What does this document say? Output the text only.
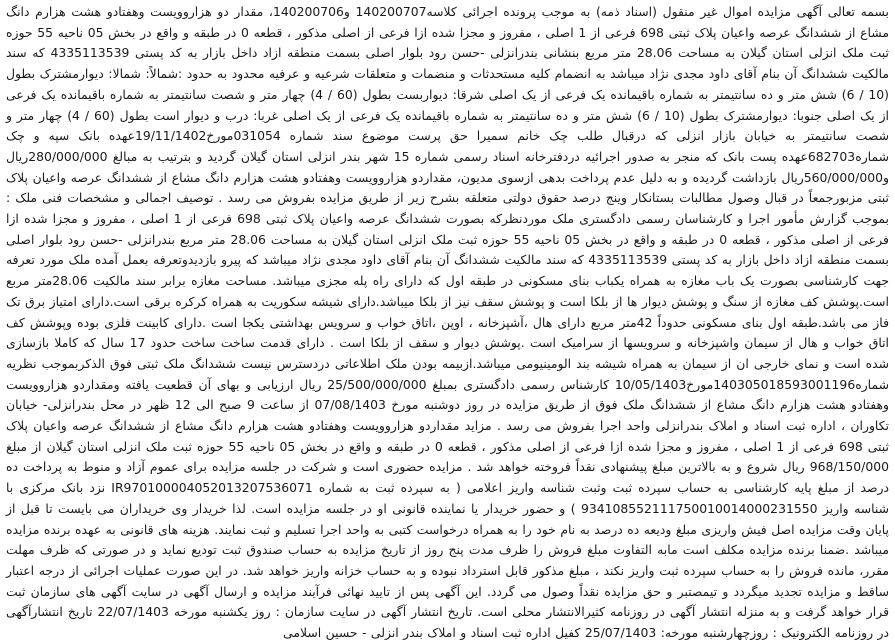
بسمه تعالی آگهی مزایده اموال غیر منقول (اسناد ذمه) به موجب پرونده اجرائی کلاسه140200707 و140200706، مقدار دو هزاروویست وهفتادو هشت هزارم دانگ مشاع از ششدانگ عرصه واعیان پلاک ثبتی 698 فرعی از 1 اصلی ، مفروز و مجزا شده ازا فرعی از اصلی مذکور ، قطعه 0 در طبقه و واقع در بخش 05 ناحیه 55 حوزه ثبت ملک انزلی استان گیلان به مساحت 28.06 متر مربع بنشانی بندرانزلی -حسن رود بلوار اصلی بسمت منطقه ازاد داخل بازار به کد پستی 4335113539 که سند مالکیت ششدانگ آن بنام آقای داود مجدی نژاد میباشد به انضمام کلیه مستحدثات و منضمات و متعلقات شرعیه و عرفیه محدود به حدود :شمالاً: شمالا: دیوارمشترک بطول (10 / 6) شش متر و ده سانتیمتر به شماره باقیمانده یک فرعی از یک اصلی شرقا: دیواربست بطول (60 / 4) چهار متر و شصت سانتیمتر به شماره باقیمانده یک فرعی از یک اصلی جنوبا: دیوارمشترک بطول (10 / 6) شش متر و ده سانتیمتر به شماره باقیمانده یک فرعی از یک اصلی غربا: درب و دیوار است بطول (60 / 4) چهار متر و شصت سانتیمتر به خیابان بازار انزلی که درقبال طلب چک خانم سمیرا حق پرست موضوع سند شماره 031054مورخ19/11/1402عهده بانک سپه و چک شماره682703عهده پست بانک که منجر به صدور اجرائیه دردفترخانه اسناد رسمی شماره 15 شهر بندر انزلی استان گیلان گردید و بترتیب به مبالغ 280/000/000ریال و560/000/000ریال بازداشت گردیده و به دلیل عدم پرداخت بدهی ازسوی مدیون، مقداردو هزاروویست وهفتادو هشت هزارم دانگ مشاع از ششدانگ عرصه واعیان پلاک ثبتی مزبورجمعاً در قبال وصول مطالبات بستانکار وینج درصد حقوق دولتی متعلقه بشرح زیر از طریق مزایده بفروش می رسد . توصیف اجمالی و مشخصات فنی ملک : بموجب گزارش مأمور اجرا و کارشناسان رسمی دادگستری ملک موردنظرکه بصورت ششدانگ عرصه واعیان پلاک ثبتی 698 فرعی از 1 اصلی ، مفروز و مجزا شده ازا فرعی از اصلی مذکور ، قطعه 0 در طبقه و واقع در بخش 05 ناحیه 55 حوزه ثبت ملک انزلی استان گیلان به مساحت 28.06 متر مربع بندرانزلی -حسن رود بلوار اصلی بسمت منطقه ازاد داخل بازار به کد پستی 4335113539 که سند مالکیت ششدانگ آن بنام آقای داود مجدی نژاد میباشد که پیرو بازدیدوتعرفه بعمل آمده ملک مورد تعرفه جهت کارشناسی بصورت یک باب مغازه به همراه یکباب بنای مسکونی در طبقه اول که دارای راه پله مجزی میباشد. مساحت مغازه برابر سند مالکیت 28.06متر مربع است.پوشش کف مغازه از سنگ و پوشش دیوار ها از بلکا است و پوشش سقف نیز از بلکا میباشد.دارای شیشه سکوریت به همراه کرکره برقی است.دارای امتیاز برق تک فاز می باشد.طبقه اول بنای مسکونی حدوداً 42متر مربع دارای هال ،آشپزخانه ، اوپن ،اتاق خواب و سرویس بهداشتی یکجا است .دارای کابینت فلزی بوده وپوشش کف اتاق خواب و هال از سیمان واشپزخانه و سرویسها از سرامیک است .پوشش دیوار و سقف از بلکا است . دارای قدمت ساخت ساخت حدود 17 سال که کاملا بازسازی شده است و نمای خارجی ان از سیمان به همراه شیشه بند الومینیومی میباشد.ازبیمه بودن ملک اطلاعاتی دردسترس نیست ششدانگ ملک ثبتی فوق الذکربموجب نظریه شماره140305018593001196مورخ10/05/1403 کارشناس رسمی دادگستری بمبلغ 25/500/000/000 ریال ارزیابی و بهای آن قطعیت یافته ومقداردو هزاروویست وهفتادو هشت هزارم دانگ مشاع از ششدانگ ملک فوق از طریق مزایده در روز دوشنبه مورخ 07/08/1403 از ساعت 9 صبح الی 12 ظهر در محل بندرانزلی- خیابان تکاوران ، اداره ثبت اسناد و املاک بندرانزلی واحد اجرا بفروش می رسد . مزاید مقداردو هزاروویست وهفتادو هشت هزارم دانگ مشاع از ششدانگ عرصه واعیان پلاک ثبتی 698 فرعی از 1 اصلی ، مفروز و مجزا شده ازا فرعی از اصلی مذکور ، قطعه 0 در طبقه و واقع در بخش 05 ناحیه 55 حوزه ثبت ملک انزلی استان گیلان از مبلغ 968/150/000 ریال شروع و به بالاترین مبلغ پیشنهادی نقداً فروخته خواهد شد . مزایده حضوری است و شرکت در جلسه مزایده برای عموم آزاد و منوط به پرداخت ده درصد از مبلغ پایه کارشناسی به حساب سپرده ثبت وثبت شناسه واریز اعلامی ( به سپرده ثبت به شماره IR970100004052013207536071 نزد بانک مرکزی با شناسه واریز 934108552111750010014000231550 ) و حضور خریدار یا نماینده قانونی او در جلسه مزایده است. لذا خریدار وی خریداران می بایست تا قبل از پایان وقت مزایده اصل فیش واریزی مبلغ ودیعه ده درصد به نام خود را به همراه درخواست کتبی به واحد اجرا تسلیم و ثبت نمایند. هزینه های قانونی به عهده برنده مزایده میباشد .ضمنا برنده مزایده مکلف است مابه التفاوت مبلغ فروش را ظرف مدت پنج روز از تاریخ مزایده به حساب صندوق ثبت تودیع نماید و در صورتی که ظرف مهلت مقرر، مانده فروش را به حساب سپرده ثبت واریز نکند ، مبلغ مذکور قابل استرداد نبوده و به حساب خزانه واریز خواهد شد. در این صورت عملیات اجرائی از درجه اعتبار ساقط و مزایده تجدید میگردد و تیمصتبر و حق مزایده نقداً وصول می گردد. این آگهی پس از تایید نهائی فرآیند مزایده و ارسال آگهی در سایت آگهی های سازمان ثبت قرار خواهد گرفت و به منزله انتشار آگهی در روزنامه کثیرالانتشار محلی است. تاریخ انتشار آگهی در سایت سازمان : روز یکشنبه مورخه 22/07/1403 تاریخ انتشارآگهی در روزنامه الکترونیک : روزچهارشنبه مورخه: 25/07/1403 کفیل اداره ثبت اسناد و املاک بندر انزلی - حسین اسلامی
